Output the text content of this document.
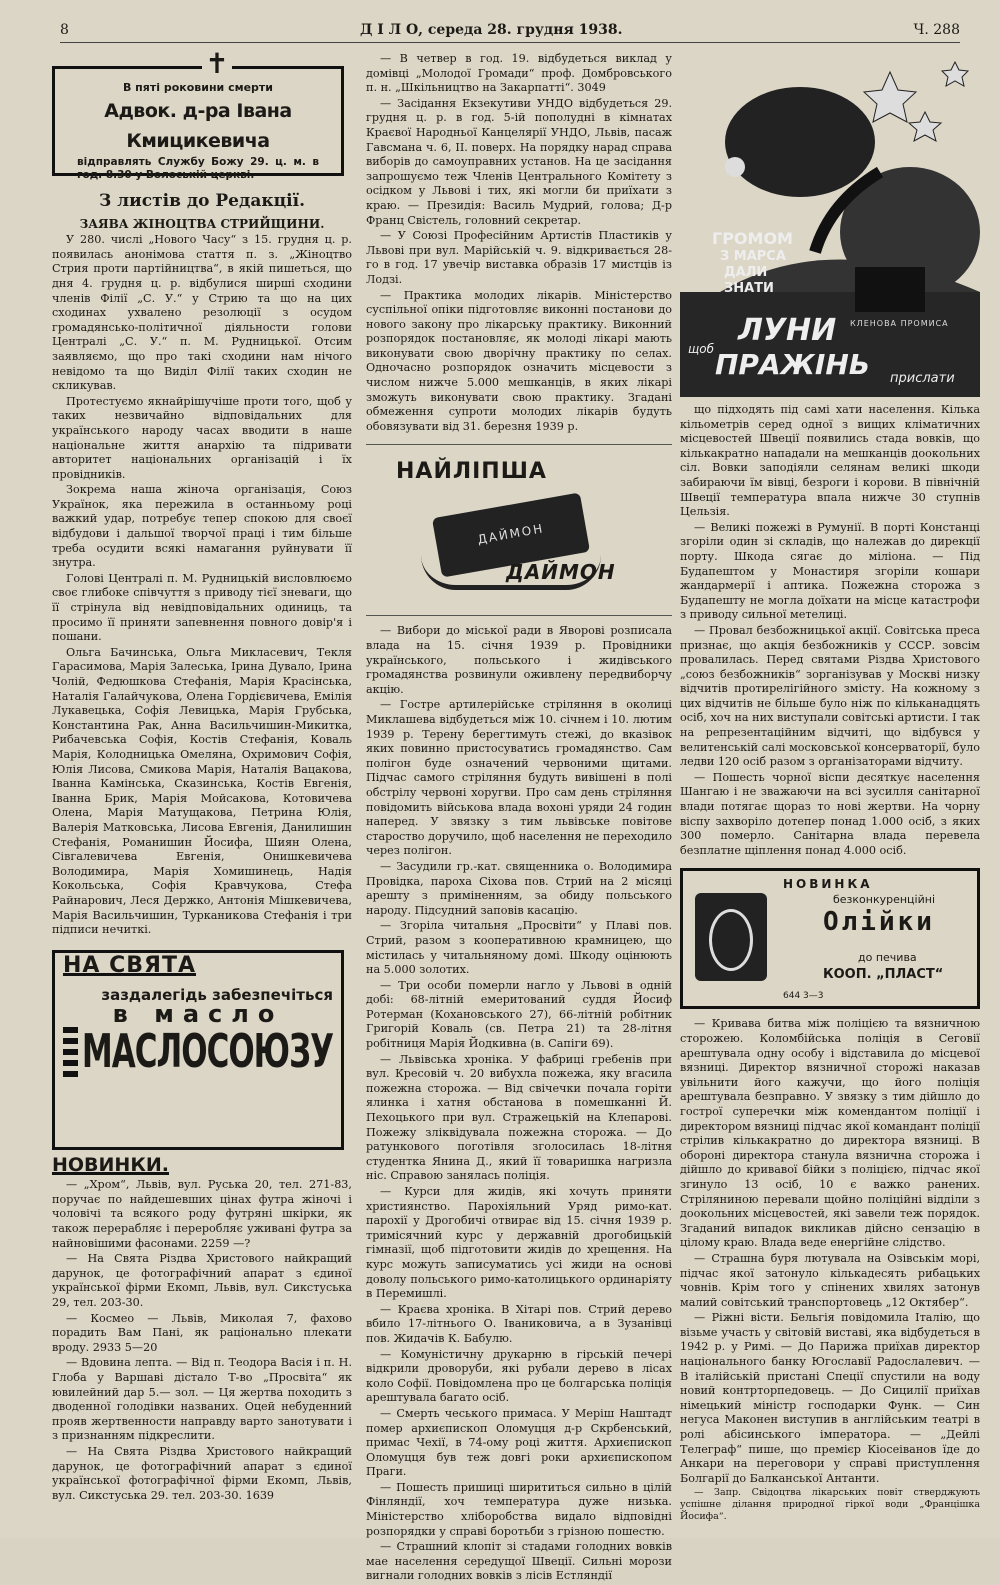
8	Д І Л О, середа 28. грудня 1938.	Ч. 288
✝
В пяті роковини смерти
Адвок. д-ра Івана Кмицикевича
відправлять Службу Божу 29. ц. м. в год. 8.30 у Волоській церкві.
З листів до Редакції.
ЗАЯВА ЖІНОЦТВА СТРИЙЩИНИ.

У 280. числі „Нового Часу“ з 15. грудня ц. р. появилась анонімова стаття п. з. „Жіноцтво Стрия проти партійництва“, в якій пишеться, що дня 4. грудня ц. р. відбулися ширші сходини членів Філії „С. У.“ у Стрию та що на цих сходинах ухвалено резолюції з осудом громадянсько-політичної діяльности голови Централі „С. У.“ п. М. Рудницької. Отсим заявляємо, що про такі сходини нам нічого невідомо та що Виділ Філії таких сходин не скликував.

Протестуємо якнайрішучіше проти того, щоб у таких незвичайно відповідальних для українського народу часах вводити в наше національне життя анархію та підривати авторитет національних організацій і їх провідників.

Зокрема наша жіноча організація, Союз Українок, яка пережила в останньому році важкий удар, потребує тепер спокою для своєї відбудови і дальшої творчої праці і тим більше треба осудити всякі намагання руйнувати її знутра.

Голові Централі п. М. Рудницькій висловлюємо своє глибоке співчуття з приводу тієї зневаги, що її стрінула від невідповідальних одиниць, та просимо її приняти запевнення повного довір'я і пошани.

Ольга Бачинська, Ольга Микласевич, Текля Гарасимова, Марія Залеська, Ірина Дувало, Ірина Чолій, Федюшкова Стефанія, Марія Красінська, Наталія Галайчукова, Олена Гордієвичева, Емілія Лукавецька, Софія Левицька, Марія Грубська, Константина Рак, Анна Васильчишин-Микитка, Рибачевська Софія, Костів Стефанія, Коваль Марія, Колодницька Омеляна, Охримович Софія, Юлія Лисова, Смикова Марія, Наталія Вацакова, Іванна Камінська, Сказинська, Костів Евгенія, Іванна Брик, Марія Мойсакова, Котовичева Олена, Марія Матущакова, Петрина Юлія, Валерія Матковська, Лисова Евгенія, Данилишин Стефанія, Романишин Йосифа, Шиян Олена, Сівгалевичева Евгенія, Онишкевичева Володимира, Марія Хомишинець, Надія Кокольська, Софія Кравчукова, Стефа Райнарович, Леся Держко, Антонія Мішкевичева, Марія Васильчишин, Турканикова Стефанія і три підписи нечиткі.

НА СВЯТА
заздалегідь забезпечіться
в масло
МАСЛОСОЮЗУ
НОВИНКИ.

— „Хром“, Львів, вул. Руська 20, тел. 271-83, поручає по найдешевших цінах футра жіночі і чоловічі та всякого роду футряні шкірки, як також перерабляє і переробляє уживані футра за найновішими фасонами. 2259 —?

— На Свята Різдва Христового найкращий дарунок, це фотографічний апарат з єдиної української фірми Екомп, Львів, вул. Сикстуська 29, тел. 203-30.

— Космео — Львів, Миколая 7, фахово порадить Вам Пані, як раціонально плекати вроду. 2933 5—20

— Вдовина лепта. — Від п. Теодора Васія і п. Н. Глоба у Варшаві дістало Т-во „Просвіта“ як ювилейний дар 5.— зол. — Ця жертва походить з дводенної голодівки названих. Оцей небуденний прояв жертвенности направду варто занотувати і з признанням підкреслити.

— На Свята Різдва Христового найкращий дарунок, це фотографічний апарат з єдиної української фотографічної фірми Екомп, Львів, вул. Сикстуська 29. тел. 203-30. 1639

— В четвер в год. 19. відбудеться виклад у домівці „Молодої Громади“ проф. Домбровського п. н. „Шкільництво на Закарпатті“. 3049

— Засідання Екзекутиви УНДО відбудеться 29. грудня ц. р. в год. 5-ій пополудні в кімнатах Краєвої Народньої Канцелярії УНДО, Львів, пасаж Гавсмана ч. 6, II. поверх. На порядку нарад справа виборів до самоуправних установ. На це засідання запрошуємо теж Членів Центрального Комітету з осідком у Львові і тих, які могли би приїхати з краю. — Президія: Василь Мудрий, голова; Д-р Франц Свістель, головний секретар.

— У Союзі Професійним Артистів Пластиків у Львові при вул. Марійській ч. 9. відкривається 28-го в год. 17 увечір виставка образів 17 мистців із Лодзі.

— Практика молодих лікарів. Міністерство суспільної опіки підготовляє виконні постанови до нового закону про лікарську практику. Виконний розпорядок постановляє, як молоді лікарі мають виконувати свою дворічну практику по селах. Одночасно розпорядок означить місцевости з числом нижче 5.000 мешканців, в яких лікарі зможуть виконувати свою практику. Згадані обмеження супроти молодих лікарів будуть обовязувати від 31. березня 1939 р.

НАЙЛІПША
ДАЙМОН
ДАЙМОН

— Вибори до міської ради в Яворові розписала влада на 15. січня 1939 р. Провідники українського, польського і жидівського громадянства розвинули оживлену передвиборчу акцію.

— Гостре артилерійське стріляння в околиці Миклашева відбудеться між 10. січнем і 10. лютим 1939 р. Терену берегтимуть стежі, до вказівок яких повинно пристосуватись громадянство. Сам полігон буде означений червоними щитами. Підчас самого стріляння будуть вивішені в полі обстрілу червоні хоругви. Про сам день стріляння повідомить військова влада вохоні уряди 24 годин наперед. У звязку з тим львівське повітове староство доручило, щоб населення не переходило через полігон.

— Засудили гр.-кат. священника о. Володимира Провідка, пароха Сіхова пов. Стрий на 2 місяці арешту з приміненням, за обиду польського народу. Підсудний заповів касацію.

— Згоріла читальня „Просвіти“ у Плаві пов. Стрий, разом з кооперативною крамницею, що містилась у читальняному домі. Шкоду оцінюють на 5.000 золотих.

— Три особи померли нагло у Львові в одній добі: 68-літній емеритований суддя Йосиф Ротерман (Кохановського 27), 66-літній робітник Григорій Коваль (св. Петра 21) та 28-літня робітниця Марія Йодкивна (в. Сапіги 69).

— Львівська хроніка. У фабриці гребенів при вул. Кресовій ч. 20 вибухла пожежа, яку вгасила пожежна сторожа. — Від свічечки почала горіти ялинка і хатня обстанова в помешканні Й. Пехоцького при вул. Стражецькій на Клепарові. Пожежу зліквідувала пожежна сторожа. — До ратункового поготівля зголосилась 18-літня студентка Янина Д., який її товаришка нагризла ніс. Справою занялась поліція.

— Курси для жидів, які хочуть приняти християнство. Парохіяльний Уряд римо-кат. парохії у Дрогобичі отвирає від 15. січня 1939 р. тримісячний курс у державній дрогобицькій гімназії, щоб підготовити жидів до хрещення. На курс можуть записуматись усі жиди на основі доволу польського римо-католицького ординаріяту в Перемишлі.

— Краєва хроніка. В Хітарі пов. Стрий дерево вбило 17-літнього О. Іваниковича, а в Зузанівці пов. Жидачів К. Бабулю.

— Комуністичну друкарню в гірській печері відкрили дроворуби, які рубали дерево в лісах коло Софії. Повідомлена про це болгарська поліція арештувала багато осіб.

— Смерть чеського примаса. У Меріш Наштадт помер архиєпископ Оломуцця д-р Скрбенський, примас Чехії, в 74-ому році життя. Архиєпископ Оломуцця був теж довгі роки архиєпископом Праги.

— Пошесть пришиці ширититься сильно в цілій Фінляндії, хоч температура дуже низька. Міністерство хліборобства видало відповідні розпорядки у справі боротьби з грізною пошестю.

— Страшний клопіт зі стадами голодних вовків мае населення середущої Швеції. Сильні морози вигнали голодних вовків з лісів Естляндії

ГРОМОМ
З МАРСА
ДАЛИ
ЗНАТИ
КЛЕНОВА ПРОМИСА
щоб
ЛУНИ
ПРАЖІНЬ прислати

що підходять під самі хати населення. Кілька кільометрів серед одної з вищих кліматичних місцевостей Швеції появились стада вовків, що кількакратно нападали на мешканців доокольних сіл. Вовки заподіяли селянам великі шкоди забираючи їм вівці, безроги і корови. В північній Швеції температура впала нижче 30 ступнів Цельзія.

— Великі пожежі в Румунії. В порті Констанці згоріли один зі складів, що належав до дирекції порту. Шкода сягає до міліона. — Під Будапештом у Монастиря згоріли кошари жандармерії і аптика. Пожежна сторожа з Будапешту не могла доїхати на місце катастрофи з приводу сильної метелиці.

— Провал безбожницької акції. Совітська преса признає, що акція безбожників у СССР. зовсім провалилась. Перед святами Різдва Христового „союз безбожників“ зорганізував у Москві низку відчитів протирелігійного змісту. На кожному з цих відчитів не більше було ніж по кільканадцять осіб, хоч на них виступали совітські артисти. І так на репрезентаційним відчиті, що відбувся у велитенській салі московської консерваторії, було ледви 120 осіб разом з організаторами відчиту.

— Пошесть чорної віспи десяткує населення Шангаю і не зважаючи на всі зусилля санітарної влади потягає щораз то нові жертви. На чорну віспу захворіло дотепер понад 1.000 осіб, з яких 300 померло. Санітарна влада перевела безплатне щіплення понад 4.000 осіб.

НОВИНКА
безконкуренційні
Олійки
до печива
КООП. „ПЛАСТ“
644 3—3

— Кривава битва між поліцією та вязничною сторожею. Коломбійська поліція в Сеговії арештувала одну особу і відставила до місцевої вязниці. Директор вязничної сторожі наказав увільнити його кажучи, що його поліція арештувала безправно. У звязку з тим дійшло до гострої суперечки між комендантом поліції і директором вязниці підчас якої командант поліції стрілив кількакратно до директора вязниці. В обороні директора станула вязнична сторожа і дійшло до кривавої бійки з поліцією, підчас якої згинуло 13 осіб, 10 є важко ранених. Стріляниною перевали щойно поліційні відділи з доокольних місцевостей, які завели теж порядок. Згаданий випадок викликав дійсно сензацію в цілому краю. Влада веде енергійне слідство.

— Страшна буря лютувала на Озівськім морі, підчас якої затонуло кількадесять рибацьких човнів. Крім того у спінених хвилях затонув малий совітський транспортовець „12 Октябер“.

— Ріжні вісти. Бельгія повідомила Італію, що візьме участь у світовій виставі, яка відбудеться в 1942 р. у Римі. — До Парижа приїхав директор національного банку Югославії Радослалевич. — В італійській пристані Спеції спустили на воду новий контрторпедовець. — До Сицилії приїхав німецький міністр господарки Функ. — Син негуса Маконен виступив в англійським театрі в ролі абісинського імператора. — „Дейлі Телеграф“ пише, що премієр Кіосеіванов їде до Анкари на переговори у справі приступлення Болгарії до Балканської Антанти.

— Запр. Свідоцтва лікарських повіт стверджують успішне ділання природної гіркої води „Францішка Йосифа“.
